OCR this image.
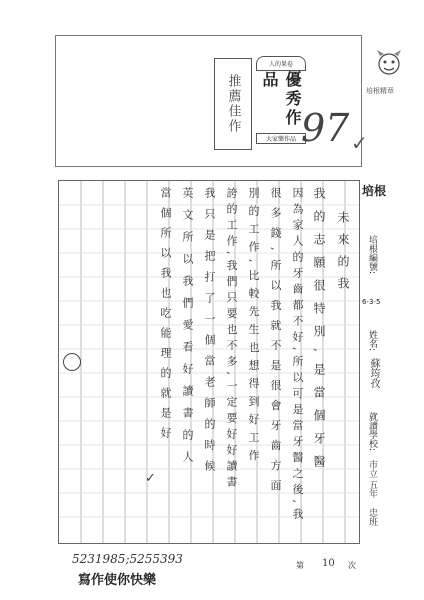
推薦佳作
人的果卷
優秀作品
大家樂作品 97 ✓
培根精章
培根
培根編號:
6-3-5
姓名:
蘇筠孜
就讀學校:
市立
五年
忠班
未來的我
我的志願很特別,是當個牙醫
因為家人的牙齒都不好,所以可是當牙醫之後,我
很多錢,所以我就不是很會牙齒方面
別的工作,比較先生也想得到好工作
誇的工作,我們只要也不多,一定要好好讀書
我只是把打了一個當老師的時候
英文所以我們愛看好讀書的人
當個所以我也吃能理的就是好
✓
5231985;5255393
寫作使你快樂
第 10 次
